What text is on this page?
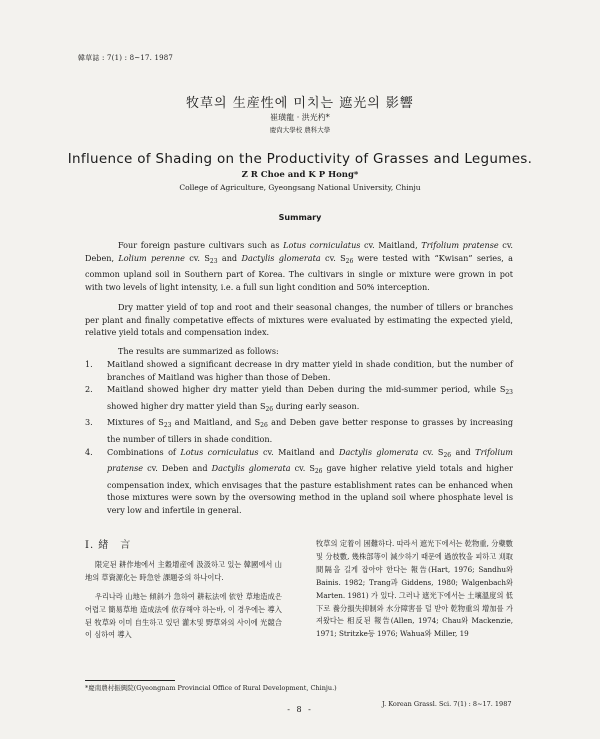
韓草誌 : 7(1) : 8~17. 1987
牧草의 生産性에 미치는 遮光의 影響
崔璜龍 · 洪光杓*
慶尙大學校 農科大學
Influence of Shading on the Productivity of Grasses and Legumes.
Z R Choe and K P Hong*
College of Agriculture, Gyeongsang National University, Chinju
Summary
Four foreign pasture cultivars such as Lotus corniculatus cv. Maitland, Trifolium pratense cv. Deben, Lolium perenne cv. $S_{23}$ and Dactylis glomerata cv. $S_{26}$ were tested with “Kwisan” series, a common upland soil in Southern part of Korea. The cultivars in single or mixture were grown in pot with two levels of light intensity, i.e. a full sun light condition and 50% interception.
Dry matter yield of top and root and their seasonal changes, the number of tillers or branches per plant and finally competative effects of mixtures were evaluated by estimating the expected yield, relative yield totals and compensation index.
The results are summarized as follows:
1.	Maitland showed a significant decrease in dry matter yield in shade condition, but the number of branches of Maitland was higher than those of Deben.
2.	Maitland showed higher dry matter yield than Deben during the mid-summer period, while $S_{23}$ showed higher dry matter yield than $S_{26}$ during early season.
3.	Mixtures of $S_{23}$ and Maitland, and $S_{26}$ and Deben gave better response to grasses by increasing the number of tillers in shade condition.
4.	Combinations of Lotus corniculatus cv. Maitland and Dactylis glomerata cv. $S_{26}$ and Trifolium pratense cv. Deben and Dactylis glomerata cv. $S_{26}$ gave higher relative yield totals and higher compensation index, which envisages that the pasture establishment rates can be enhanced when those mixtures were sown by the oversowing method in the upland soil where phosphate level is very low and infertile in general.
I. 緖　言

限定된 耕作地에서 主穀增産에 汲汲하고 있는 韓國에서 山地의 草資源化는 時急한 課題중의 하나이다.

우리나라 山地는 傾斜가 急하여 耕耘法에 依한 草地造成은 어렵고 簡易草地 造成法에 依存해야 하는바, 이 경우에는 導入된 牧草와 이미 自生하고 있던 灌木및 野草와의 사이에 光競合이 심하여 導入

牧草의 定着이 困難하다. 따라서 遮光下에서는 乾物重, 分蘗數및 分枝數, 幾株部等이 減少하기 때문에 過放牧을 피하고 刈取間隔을 길게 잡아야 한다는 報告(Hart, 1976; Sandhu와 Bainis. 1982; Trang과 Giddens, 1980; Walgenbach와 Marten. 1981) 가 있다. 그러나 遮光下에서는 土壤溫度의 低下로 養分損失抑制와 水分障害를 덜 받아 乾物重의 增加를 가져왔다는 相反된 報告(Allen, 1974; Chau와 Mackenzie, 1971; Stritzke등 1976; Wahua와 Miller, 19

*慶南農村振興院(Gyeongnam Provincial Office of Rural Development, Chinju.)
- 8 -
J. Korean Grassl. Sci. 7(1) : 8~17. 1987
